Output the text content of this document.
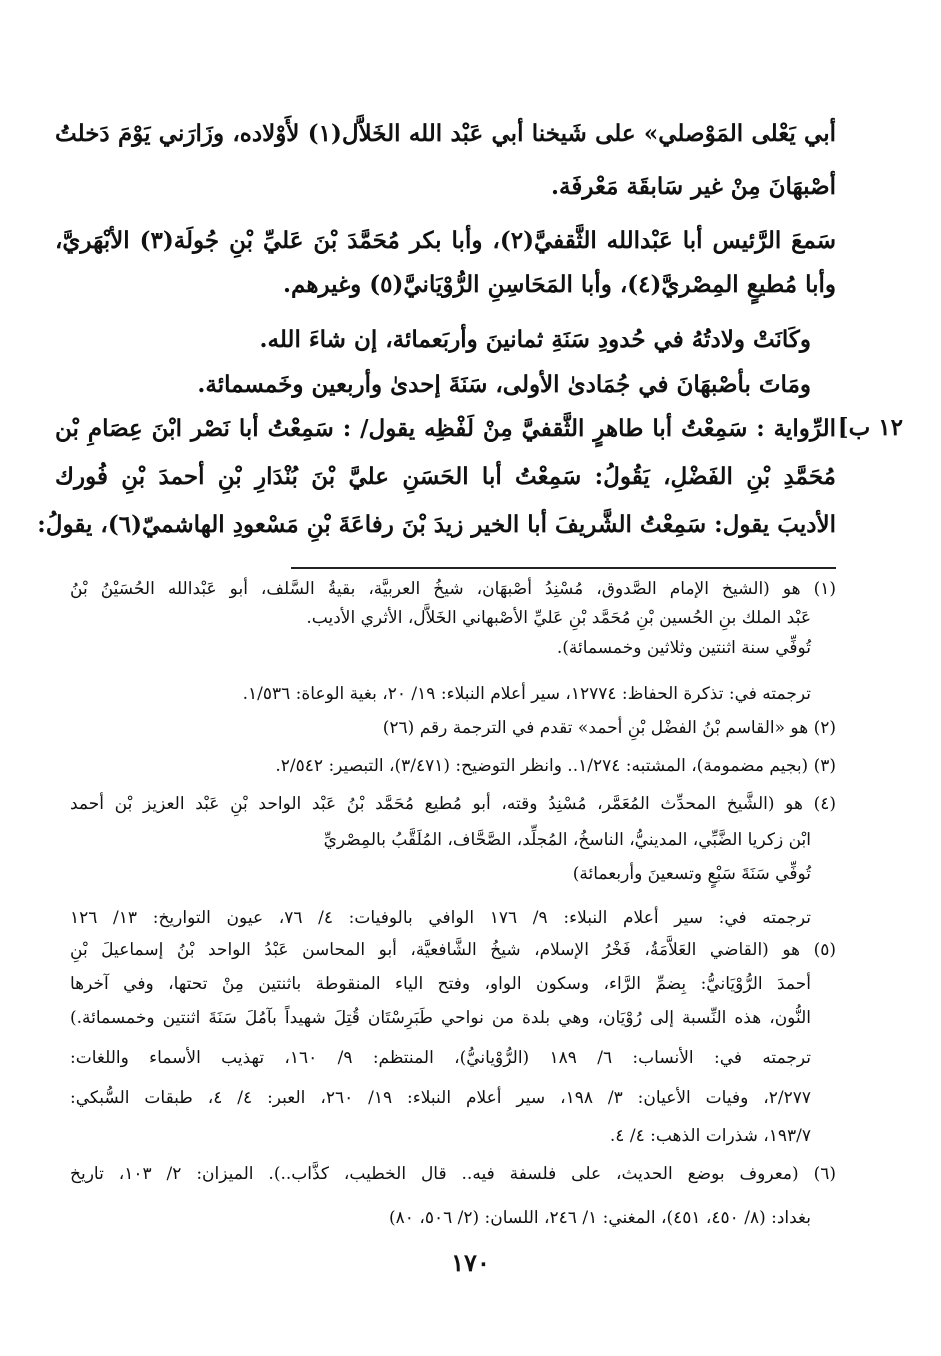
أبي يَعْلى المَوْصلي» على شَيخنا أبي عَبْد الله الخَلاَّل(١) لأَوْلاده، وزَارَني يَوْمَ دَخلتُ
أصْبهَانَ مِنْ غير سَابقَة مَعْرفَة.
سَمعَ الرَّئيس أبا عَبْدالله الثَّقفيَّ(٢)، وأبا بكر مُحَمَّدَ بْنَ عَليِّ بْنِ جُولَة(٣) الأبْهَريَّ،
وأبا مُطيعٍ المِصْريَّ(٤)، وأبا المَحَاسِنِ الرُّوْيَانيَّ(٥) وغيرهم.
وكَانَتْ ولادتُهُ في حُدودِ سَنَةِ ثمانينَ وأربَعمائة، إن شاءَ الله.
ومَاتَ بأصْبهَانَ في جُمَادىٰ الأولى، سَنَةَ إحدىٰ وأربعين وخَمسمائة.
الرِّواية : سَمِعْتُ أبا طاهرٍ الثَّقفيَّ مِنْ لَفْظِه يقول/ : سَمِعْتُ أبا نَصْر ابْنَ عِصَامِ بْن
مُحَمَّدِ بْنِ الفَضْلِ، يَقُولُ: سَمِعْتُ أبا الحَسَنِ عليَّ بْنَ بُنْدَارِ بْنِ أحمدَ بْنِ فُورك
الأديبَ يقول: سَمِعْتُ الشَّريفَ أبا الخير زيدَ بْنَ رفاعَةَ بْنِ مَسْعودِ الهاشميّ(٦)، يقولُ:
١٢ ب]
(١) هو (الشيخ الإمام الصَّدوق، مُسْنِدُ أصْبهَان، شيخُ العربيَّة، بقيةُ السَّلف، أبو عَبْدالله الحُسَيْنُ بْنُ
عَبْد الملك بنِ الحُسين بْنِ مُحَمَّد بْنِ عَليِّ الأصْبهاني الخَلاَّل، الأثري الأديب.
تُوفِّي سنة اثنتين وثلاثين وخمسمائة).
ترجمته في: تذكرة الحفاظ: ١٢٧٧٤، سير أعلام النبلاء: ١٩/ ٢٠، بغية الوعاة: ١/٥٣٦.
(٢) هو «القاسم بْنُ الفضْل بْنِ أحمد» تقدم في الترجمة رقم (٢٦)
(٣) (بجيم مضمومة)، المشتبه: ١/٢٧٤.. وانظر التوضيح: (٣/٤٧١)، التبصير: ٢/٥٤٢.
(٤) هو (الشَّيخ المحدِّث المُعَمَّر، مُسْنِدُ وقته، أبو مُطيع مُحَمَّد بْنُ عَبْد الواحد بْنِ عَبْد العزيز بْن أحمد
ابْن زكريا الضَّبِّي، المدينيُّ، الناسخُ، المُجلِّد، الصَّحَّاف، المُلَقَّبُ بالمِصْريِّ
تُوفِّي سَنَةَ سَبْعٍ وتسعينَ وأربعمائة)
ترجمته في: سير أعلام النبلاء: ٩/ ١٧٦ الوافي بالوفيات: ٤/ ٧٦، عيون التواريخ: ١٣/ ١٢٦
(٥) هو (القاضي العَلاَّمَةُ، فَخْرُ الإسلام، شيخُ الشَّافعيَّة، أبو المحاسن عَبْدُ الواحد بْنُ إسماعيلَ بْنِ
أحمدَ الرُّوْيَانيُّ: بِضمِّ الرَّاء، وسكون الواو، وفتح الياء المنقوطة باثنتين مِنْ تحتها، وفي آخرها
النُّون، هذه النِّسبة إلى رُوْيَان، وهي بلدة من نواحي طَبَرِسْتَان قُتِلَ شهيداً بآمُلَ سَنَةَ اثنتين وخمسمائة.)
ترجمته في: الأنساب: ٦/ ١٨٩ (الرُّوْيانيُّ)، المنتظم: ٩/ ١٦٠، تهذيب الأسماء واللغات:
٢/٢٧٧، وفيات الأعيان: ٣/ ١٩٨، سير أعلام النبلاء: ١٩/ ٢٦٠، العبر: ٤/ ٤، طبقات السُّبكي:
١٩٣/٧، شذرات الذهب: ٤/ ٤.
(٦) (معروف بوضع الحديث، على فلسفة فيه.. قال الخطيب، كذَّاب..). الميزان: ٢/ ١٠٣، تاريخ
بغداد: (٨/ ٤٥٠، ٤٥١)، المغني: ١/ ٢٤٦، اللسان: (٢/ ٥٠٦، ٨٠)
١٧٠
